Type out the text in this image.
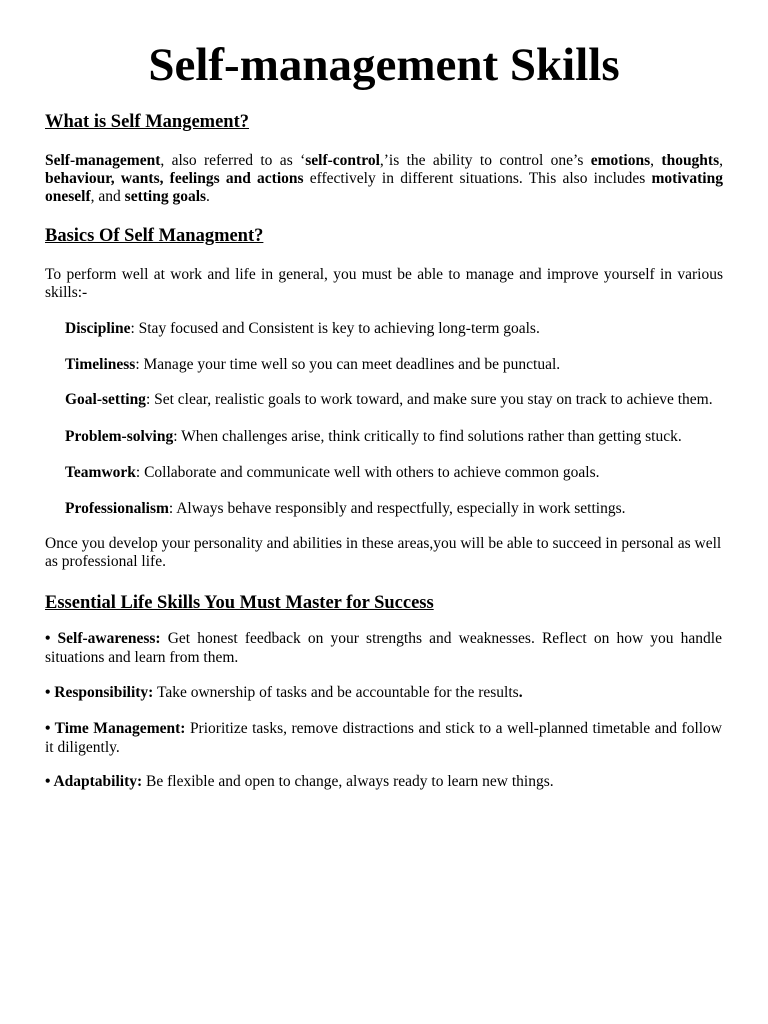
Self-management Skills
What is Self Mangement?
Self-management, also referred to as ‘self-control,’is the ability to control one’s emotions, thoughts, behaviour, wants, feelings and actions effectively in different situations. This also includes motivating oneself, and setting goals.
Basics Of Self Managment?
To perform well at work and life in general, you must be able to manage and improve yourself in various skills:-
Discipline: Stay focused and Consistent is key to achieving long-term goals.
Timeliness: Manage your time well so you can meet deadlines and be punctual.
Goal-setting: Set clear, realistic goals to work toward, and make sure you stay on track to achieve them.
Problem-solving: When challenges arise, think critically to find solutions rather than getting stuck.
Teamwork: Collaborate and communicate well with others to achieve common goals.
Professionalism: Always behave responsibly and respectfully, especially in work settings.
Once you develop your personality and abilities in these areas,you will be able to succeed in personal as well as professional life.
Essential Life Skills You Must Master for Success
• Self-awareness: Get honest feedback on your strengths and weaknesses. Reflect on how you handle situations and learn from them.
• Responsibility: Take ownership of tasks and be accountable for the results.
• Time Management: Prioritize tasks, remove distractions and stick to a well-planned timetable and follow it diligently.
• Adaptability: Be flexible and open to change, always ready to learn new things.
